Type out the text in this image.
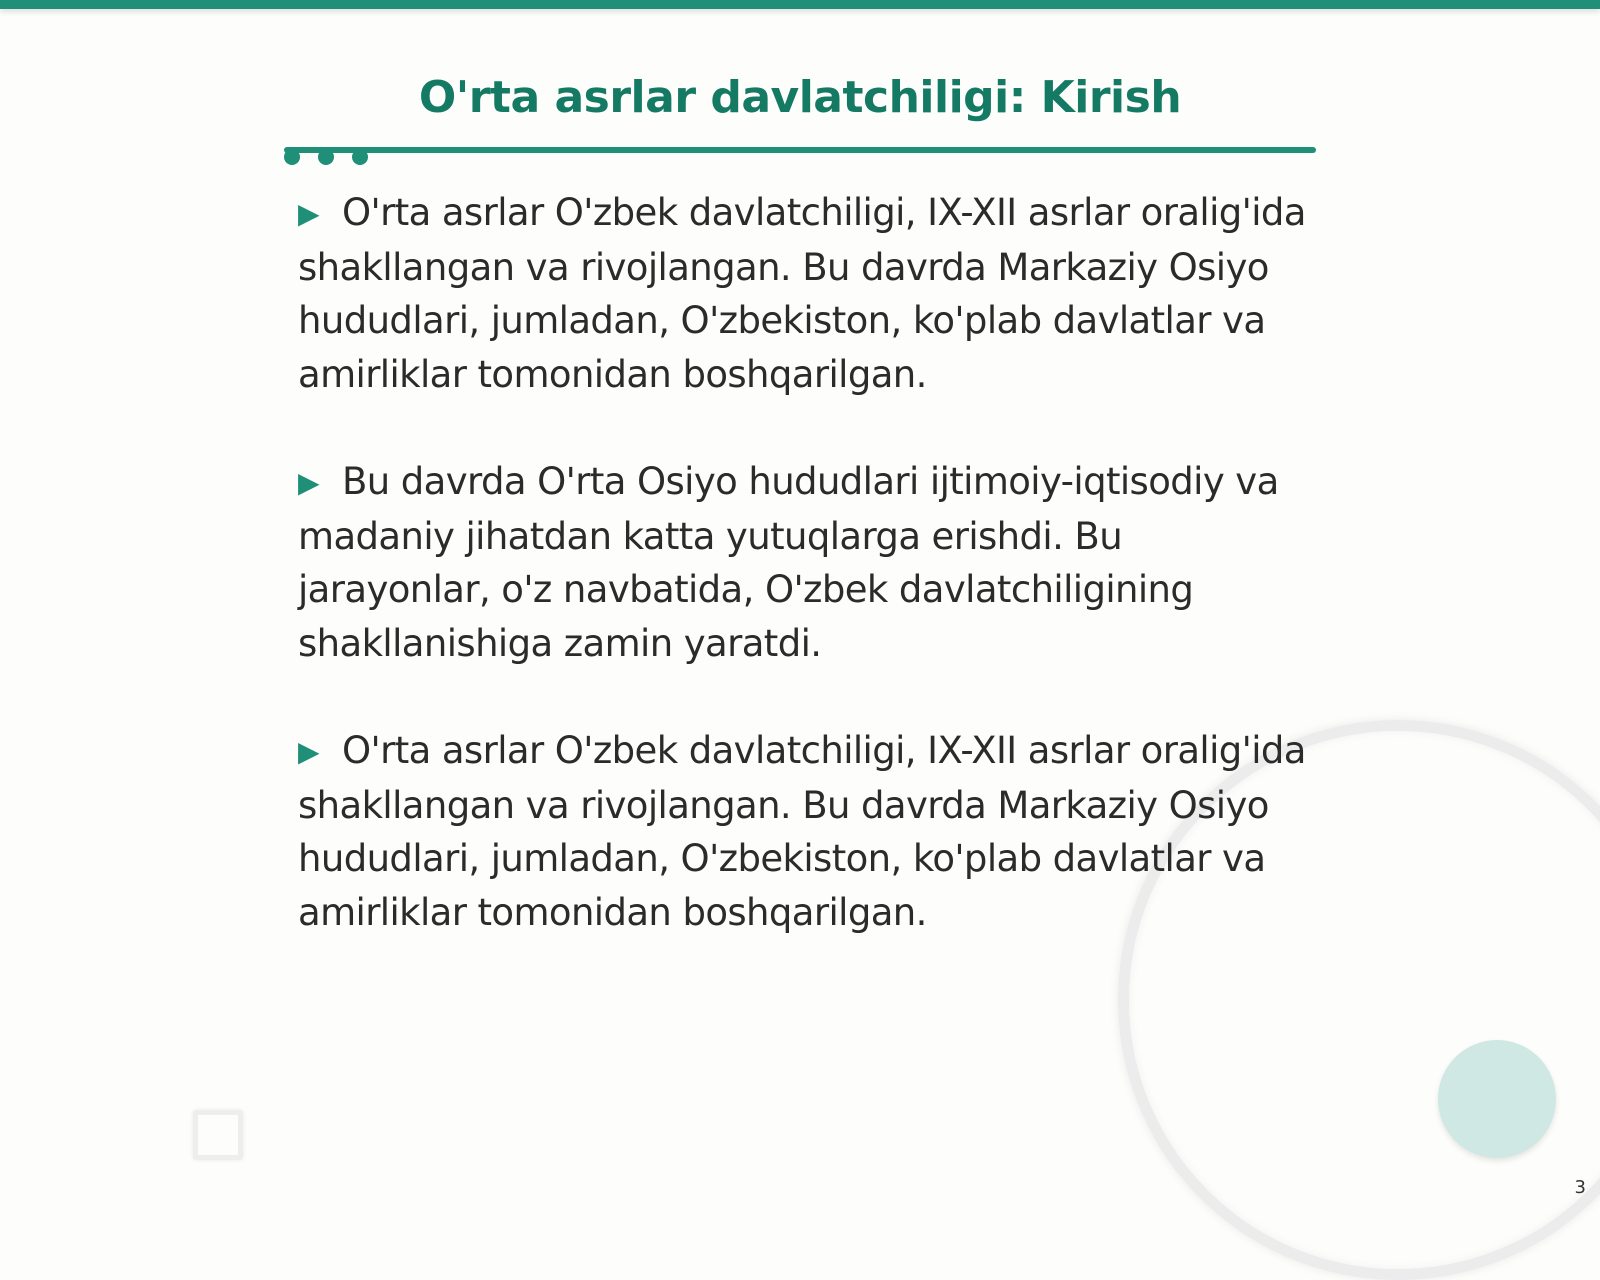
O'rta asrlar davlatchiligi: Kirish

▶ O'rta asrlar O'zbek davlatchiligi, IX-XII asrlar oralig'ida shakllangan va rivojlangan. Bu davrda Markaziy Osiyo hududlari, jumladan, O'zbekiston, ko'plab davlatlar va amirliklar tomonidan boshqarilgan.

▶ Bu davrda O'rta Osiyo hududlari ijtimoiy-iqtisodiy va madaniy jihatdan katta yutuqlarga erishdi. Bu jarayonlar, o'z navbatida, O'zbek davlatchiligining shakllanishiga zamin yaratdi.

▶ O'rta asrlar O'zbek davlatchiligi, IX-XII asrlar oralig'ida shakllangan va rivojlangan. Bu davrda Markaziy Osiyo hududlari, jumladan, O'zbekiston, ko'plab davlatlar va amirliklar tomonidan boshqarilgan.

3
